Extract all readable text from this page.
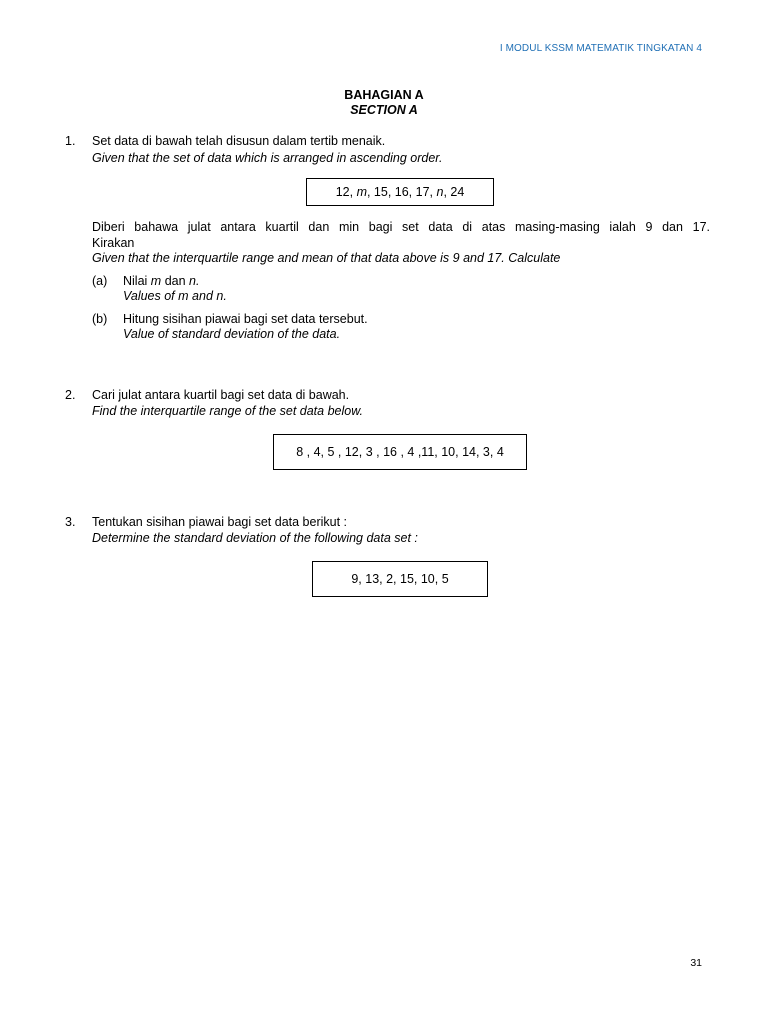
I MODUL KSSM MATEMATIK TINGKATAN 4
BAHAGIAN A
SECTION A
1. Set data di bawah telah disusun dalam tertib menaik.
Given that the set of data which is arranged in ascending order.
12, m, 15, 16, 17, n, 24
Diberi bahawa julat antara kuartil dan min bagi set data di atas masing-masing ialah 9 dan 17.
Kirakan
Given that the interquartile range and mean of that data above is 9 and 17. Calculate
(a) Nilai m dan n.
Values of m and n.
(b) Hitung sisihan piawai bagi set data tersebut.
Value of standard deviation of the data.
2. Cari julat antara kuartil bagi set data di bawah.
Find the interquartile range of the set data below.
8 , 4, 5 , 12, 3 , 16 , 4 ,11, 10, 14, 3, 4
3. Tentukan sisihan piawai bagi set data berikut :
Determine the standard deviation of the following data set :
9, 13, 2, 15, 10, 5
31
